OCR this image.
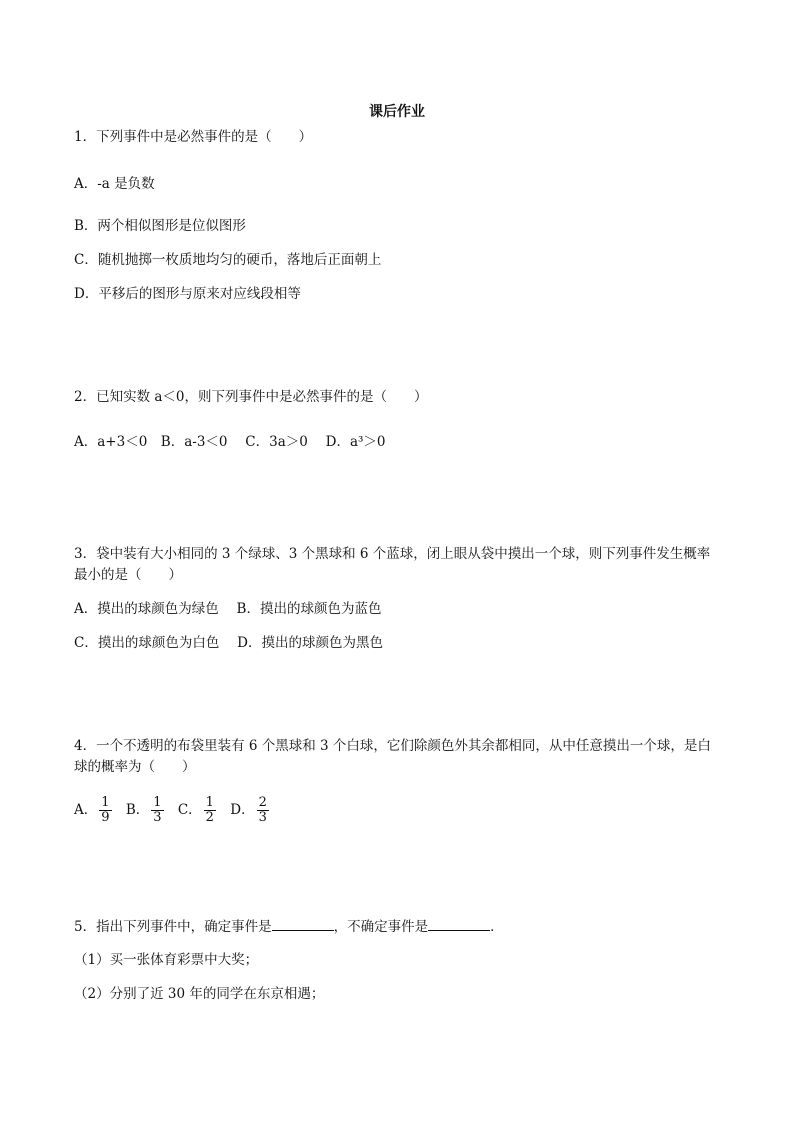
课后作业
1．下列事件中是必然事件的是（　　）
A．-a 是负数
B．两个相似图形是位似图形
C．随机抛掷一枚质地均匀的硬币，落地后正面朝上
D．平移后的图形与原来对应线段相等
2．已知实数 a＜0，则下列事件中是必然事件的是（　　）
A．a+3＜0　B．a-3＜0　 C．3a＞0　 D．a³＞0
3．袋中装有大小相同的 3 个绿球、3 个黑球和 6 个蓝球，闭上眼从袋中摸出一个球，则下列事件发生概率
最小的是（　　）
A．摸出的球颜色为绿色　 B．摸出的球颜色为蓝色
C．摸出的球颜色为白色　 D．摸出的球颜色为黑色
4．一个不透明的布袋里装有 6 个黑球和 3 个白球，它们除颜色外其余都相同，从中任意摸出一个球，是白
球的概率为（　　）
A． $\frac{1}{9}$ B． $\frac{1}{3}$ C． $\frac{1}{2}$ D． $\frac{2}{3}$
5．指出下列事件中，确定事件是	，不确定事件是	．
（1）买一张体育彩票中大奖；
（2）分别了近 30 年的同学在东京相遇；
